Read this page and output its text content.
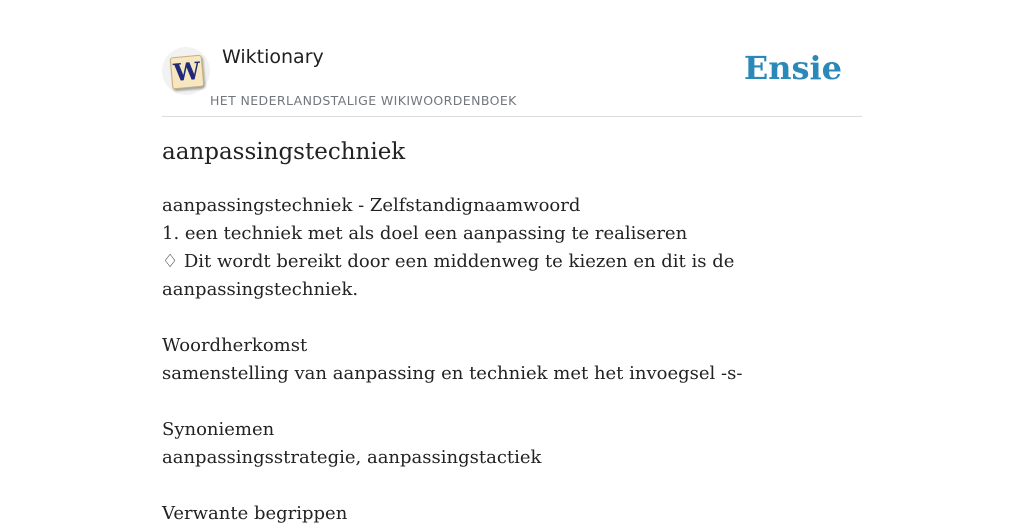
W Wiktionary
HET NEDERLANDSTALIGE WIKIWOORDENBOEK
Ensie
aanpassingstechniek
aanpassingstechniek - Zelfstandignaamwoord
1. een techniek met als doel een aanpassing te realiseren
♢ Dit wordt bereikt door een middenweg te kiezen en dit is de aanpassingstechniek.
Woordherkomst
samenstelling van aanpassing en techniek met het invoegsel -s-
Synoniemen
aanpassingsstrategie, aanpassingstactiek
Verwante begrippen
